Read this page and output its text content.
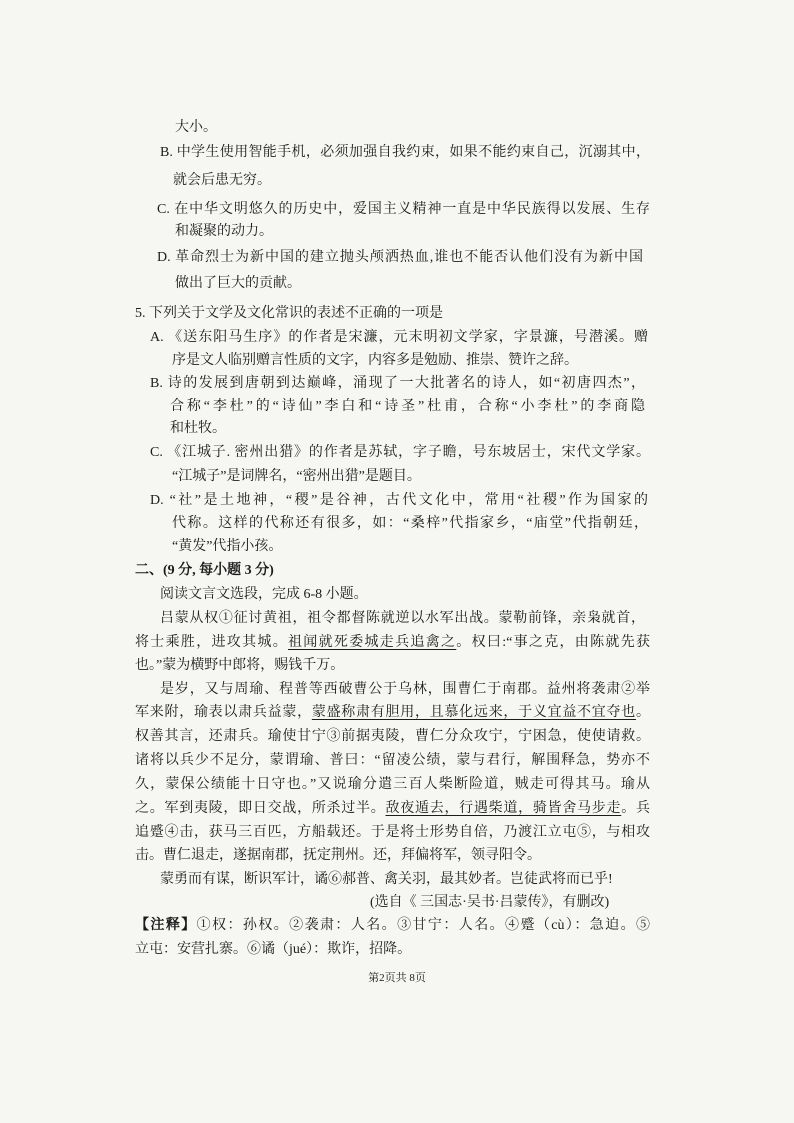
大小。
B. 中学生使用智能手机，必须加强自我约束，如果不能约束自己，沉溺其中，
就会后患无穷。
C. 在中华文明悠久的历史中，爱国主义精神一直是中华民族得以发展、生存
和凝聚的动力。
D. 革命烈士为新中国的建立抛头颅洒热血,谁也不能否认他们没有为新中国
做出了巨大的贡献。
5. 下列关于文学及文化常识的表述不正确的一项是
A. 《送东阳马生序》的作者是宋濂，元末明初文学家，字景濂，号潜溪。赠
序是文人临别赠言性质的文字，内容多是勉励、推崇、赞许之辞。
B. 诗的发展到唐朝到达巅峰，涌现了一大批著名的诗人，如“初唐四杰”，
合称“李杜”的“诗仙”李白和“诗圣”杜甫，合称“小李杜”的李商隐
和杜牧。
C. 《江城子. 密州出猎》的作者是苏轼，字子瞻，号东坡居士，宋代文学家。
“江城子”是词牌名，“密州出猎”是题目。
D. “社”是土地神，“稷”是谷神，古代文化中，常用“社稷”作为国家的
代称。这样的代称还有很多，如：“桑梓”代指家乡，“庙堂”代指朝廷，
“黄发”代指小孩。
二、(9 分, 每小题 3 分)
阅读文言文选段，完成 6-8 小题。
吕蒙从权①征讨黄祖，祖令都督陈就逆以水军出战。蒙勒前锋，亲枭就首，
将士乘胜，进攻其城。祖闻就死委城走兵追禽之。权曰:“事之克，由陈就先获
也。”蒙为横野中郎将，赐钱千万。
是岁，又与周瑜、程普等西破曹公于乌林，围曹仁于南郡。益州将袭肃②举
军来附，瑜表以肃兵益蒙，蒙盛称肃有胆用，且慕化远来，于义宜益不宜夺也。
权善其言，还肃兵。瑜使甘宁③前据夷陵，曹仁分众攻宁，宁困急，使使请救。
诸将以兵少不足分，蒙谓瑜、普曰：“留凌公绩，蒙与君行，解围释急，势亦不
久，蒙保公绩能十日守也。”又说瑜分遣三百人柴断险道，贼走可得其马。瑜从
之。军到夷陵，即日交战，所杀过半。敌夜遁去，行遇柴道，骑皆舍马步走。兵
追蹙④击，获马三百匹，方船载还。于是将士形势自倍，乃渡江立屯⑤，与相攻
击。曹仁退走，遂据南郡，抚定荆州。还，拜偏将军，领寻阳令。
蒙勇而有谋，断识军计，谲⑥郝普、禽关羽，最其妙者。岂徒武将而已乎!
(选自《 三国志·吴书·吕蒙传》，有删改)
【注释】①权：孙权。②袭肃：人名。③甘宁：人名。④蹙（cù）：急迫。⑤
立屯：安营扎寨。⑥谲（jué）：欺诈，招降。
第2页共 8页
